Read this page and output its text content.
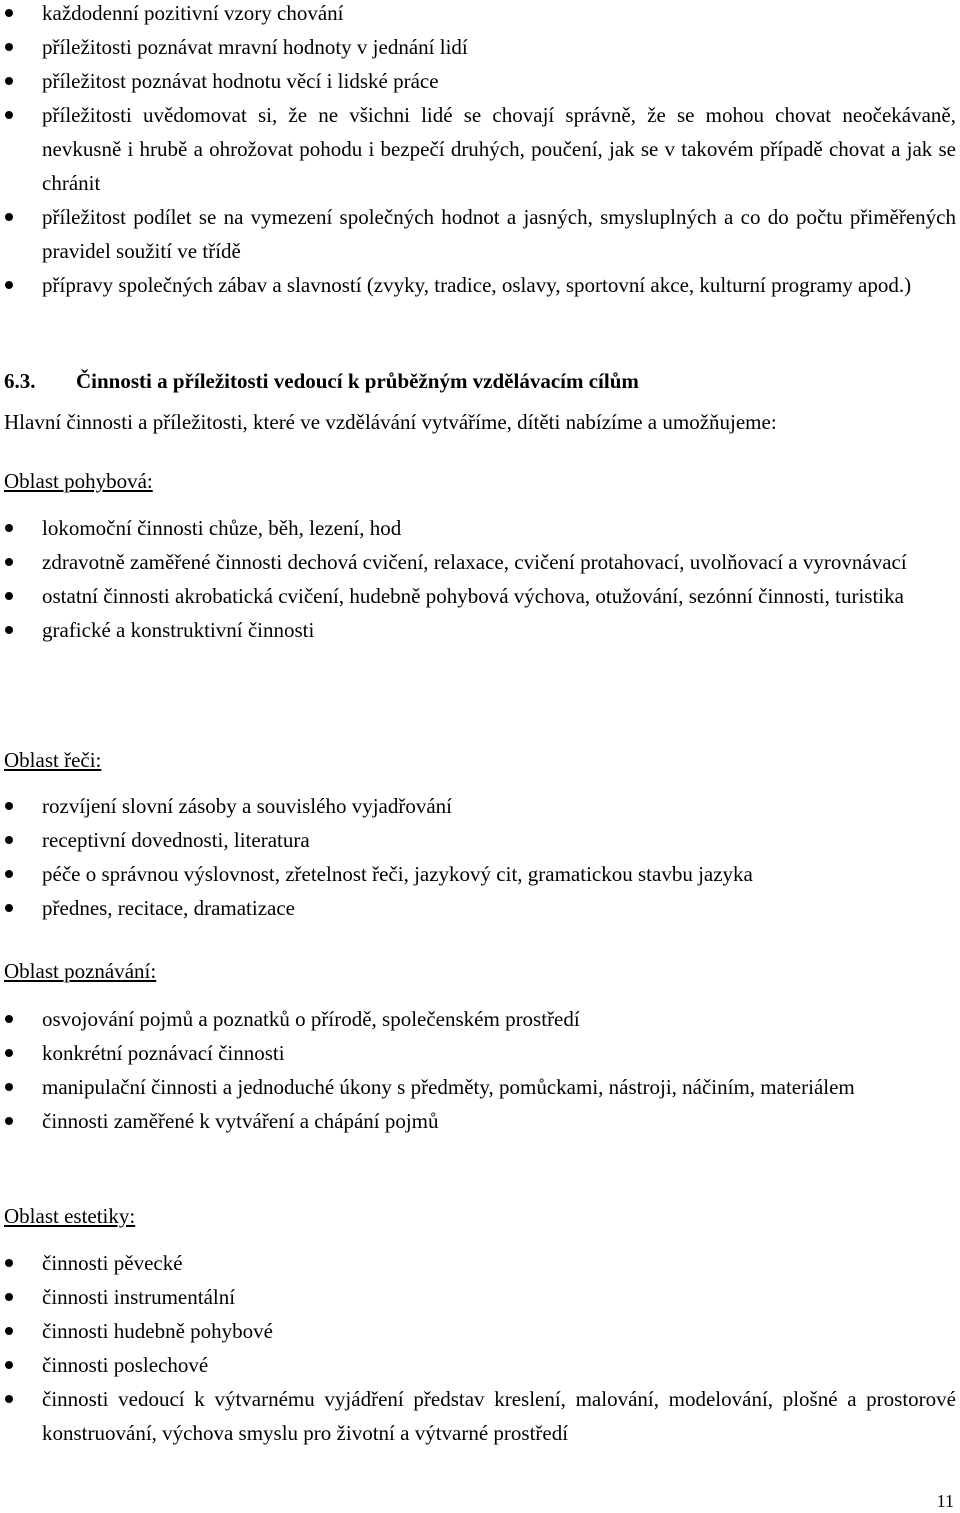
každodenní pozitivní vzory chování
příležitosti poznávat mravní hodnoty v jednání lidí
příležitost poznávat hodnotu věcí i lidské práce
příležitosti uvědomovat si, že ne všichni lidé se chovají správně, že se mohou chovat neočekávaně, nevkusně i hrubě a ohrožovat pohodu i bezpečí druhých, poučení, jak se v takovém případě chovat a jak se chránit
příležitost podílet se na vymezení společných hodnot a jasných, smysluplných a co do počtu přiměřených pravidel soužití ve třídě
přípravy společných zábav a slavností (zvyky, tradice, oslavy, sportovní akce, kulturní programy apod.)
6.3. Činnosti a příležitosti vedoucí k průběžným vzdělávacím cílům
Hlavní činnosti a příležitosti, které ve vzdělávání vytváříme, dítěti nabízíme a umožňujeme:
Oblast pohybová:
lokomoční činnosti chůze, běh, lezení, hod
zdravotně zaměřené činnosti dechová cvičení, relaxace, cvičení protahovací, uvolňovací a vyrovnávací
ostatní činnosti akrobatická cvičení, hudebně pohybová výchova, otužování, sezónní činnosti, turistika
grafické a konstruktivní činnosti
Oblast řeči:
rozvíjení slovní zásoby a souvislého vyjadřování
receptivní dovednosti, literatura
péče o správnou výslovnost, zřetelnost řeči, jazykový cit, gramatickou stavbu jazyka
přednes, recitace, dramatizace
Oblast poznávání:
osvojování pojmů a poznatků o přírodě, společenském prostředí
konkrétní poznávací činnosti
manipulační činnosti a jednoduché úkony s předměty, pomůckami, nástroji, náčiním, materiálem
činnosti zaměřené k vytváření a chápání pojmů
Oblast estetiky:
činnosti pěvecké
činnosti instrumentální
činnosti hudebně pohybové
činnosti poslechové
činnosti vedoucí k výtvarnému vyjádření představ kreslení, malování, modelování, plošné a prostorové konstruování, výchova smyslu pro životní a výtvarné prostředí
11
